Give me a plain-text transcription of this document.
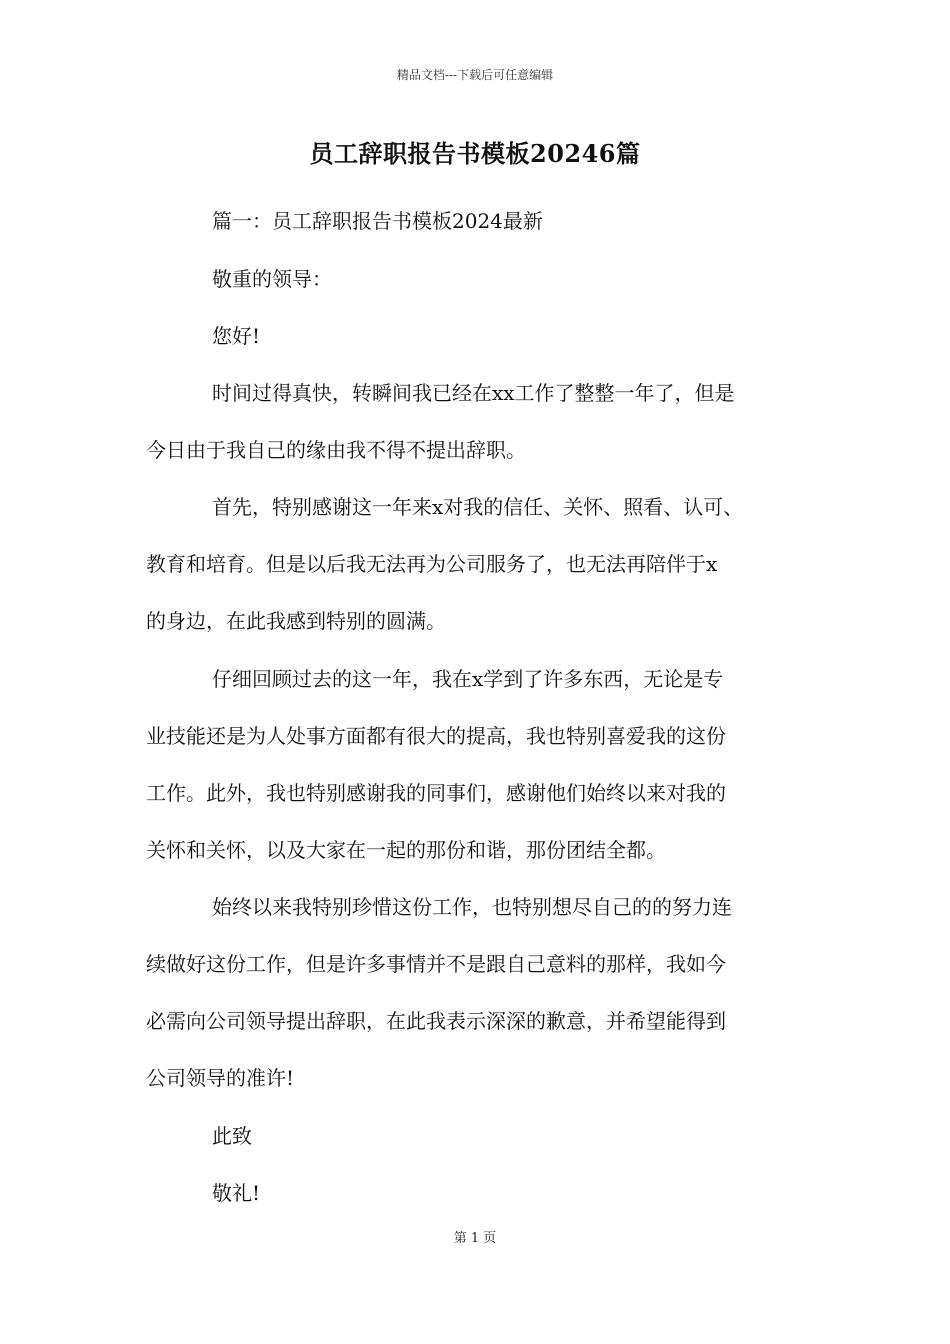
精品文档---下载后可任意编辑
员工辞职报告书模板20246篇
篇一：员工辞职报告书模板2024最新
敬重的领导：
您好!
时间过得真快，转瞬间我已经在xx工作了整整一年了，但是
今日由于我自己的缘由我不得不提出辞职。
首先，特别感谢这一年来x对我的信任、关怀、照看、认可、
教育和培育。但是以后我无法再为公司服务了，也无法再陪伴于x
的身边，在此我感到特别的圆满。
仔细回顾过去的这一年，我在x学到了许多东西，无论是专
业技能还是为人处事方面都有很大的提高，我也特别喜爱我的这份
工作。此外，我也特别感谢我的同事们，感谢他们始终以来对我的
关怀和关怀，以及大家在一起的那份和谐，那份团结全都。
始终以来我特别珍惜这份工作，也特别想尽自己的的努力连
续做好这份工作，但是许多事情并不是跟自己意料的那样，我如今
必需向公司领导提出辞职，在此我表示深深的歉意，并希望能得到
公司领导的准许!
此致
敬礼!
第 1 页
